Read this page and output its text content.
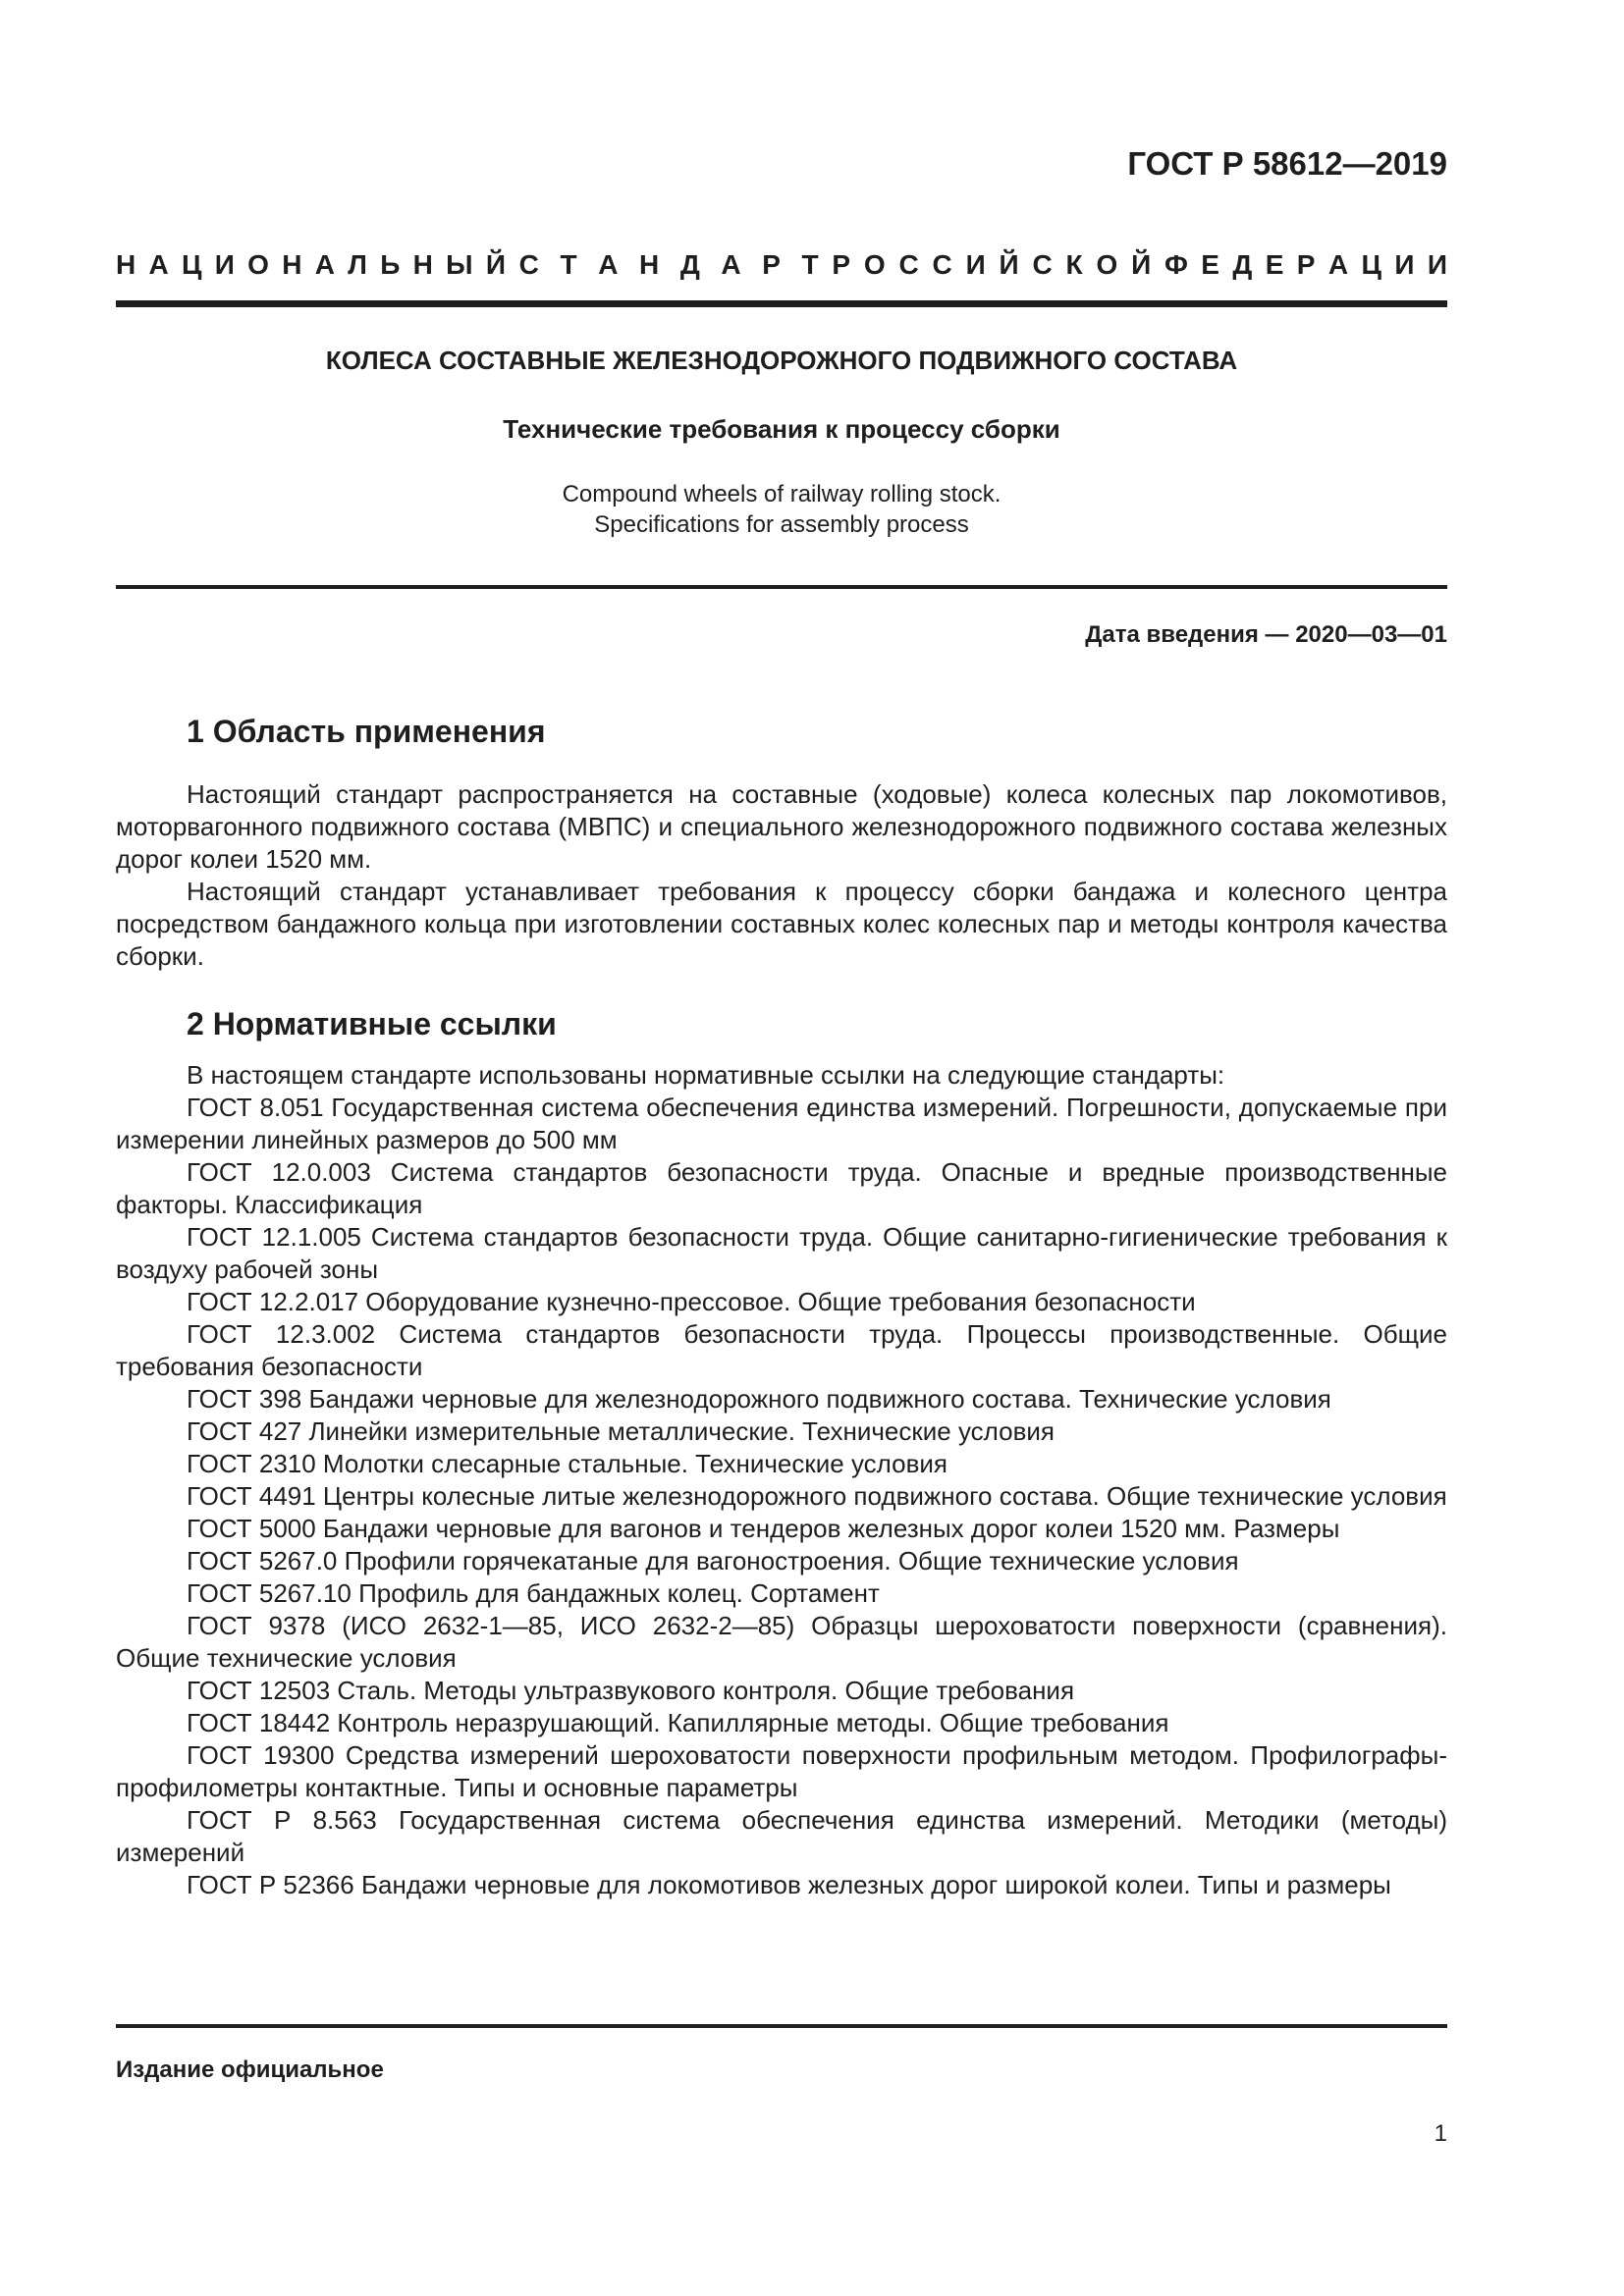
ГОСТ Р 58612—2019
Н А Ц И О Н А Л Ь Н Ы Й С Т А Н Д А Р Т Р О С С И Й С К О Й Ф Е Д Е Р А Ц И И
КОЛЕСА СОСТАВНЫЕ ЖЕЛЕЗНОДОРОЖНОГО ПОДВИЖНОГО СОСТАВА
Технические требования к процессу сборки
Compound wheels of railway rolling stock.
Specifications for assembly process
Дата введения — 2020—03—01
1 Область применения

Настоящий стандарт распространяется на составные (ходовые) колеса колесных пар локомотивов, моторвагонного подвижного состава (МВПС) и специального железнодорожного подвижного состава железных дорог колеи 1520 мм.

Настоящий стандарт устанавливает требования к процессу сборки бандажа и колесного центра посредством бандажного кольца при изготовлении составных колес колесных пар и методы контроля качества сборки.

2 Нормативные ссылки

В настоящем стандарте использованы нормативные ссылки на следующие стандарты:

ГОСТ 8.051 Государственная система обеспечения единства измерений. Погрешности, допускаемые при измерении линейных размеров до 500 мм

ГОСТ 12.0.003 Система стандартов безопасности труда. Опасные и вредные производственные факторы. Классификация

ГОСТ 12.1.005 Система стандартов безопасности труда. Общие санитарно-гигиенические требования к воздуху рабочей зоны

ГОСТ 12.2.017 Оборудование кузнечно-прессовое. Общие требования безопасности

ГОСТ 12.3.002 Система стандартов безопасности труда. Процессы производственные. Общие требования безопасности

ГОСТ 398 Бандажи черновые для железнодорожного подвижного состава. Технические условия

ГОСТ 427 Линейки измерительные металлические. Технические условия

ГОСТ 2310 Молотки слесарные стальные. Технические условия

ГОСТ 4491 Центры колесные литые железнодорожного подвижного состава. Общие технические условия

ГОСТ 5000 Бандажи черновые для вагонов и тендеров железных дорог колеи 1520 мм. Размеры

ГОСТ 5267.0 Профили горячекатаные для вагоностроения. Общие технические условия

ГОСТ 5267.10 Профиль для бандажных колец. Сортамент

ГОСТ 9378 (ИСО 2632-1—85, ИСО 2632-2—85) Образцы шероховатости поверхности (сравнения). Общие технические условия

ГОСТ 12503 Сталь. Методы ультразвукового контроля. Общие требования

ГОСТ 18442 Контроль неразрушающий. Капиллярные методы. Общие требования

ГОСТ 19300 Средства измерений шероховатости поверхности профильным методом. Профилографы-профилометры контактные. Типы и основные параметры

ГОСТ Р 8.563 Государственная система обеспечения единства измерений. Методики (методы) измерений

ГОСТ Р 52366 Бандажи черновые для локомотивов железных дорог широкой колеи. Типы и размеры

Издание официальное
1
